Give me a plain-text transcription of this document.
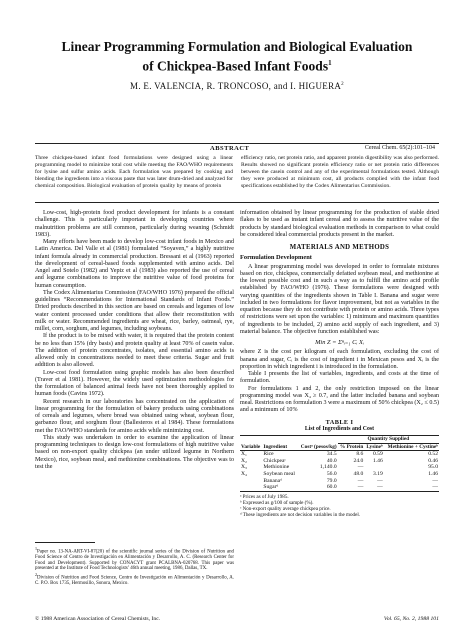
Linear Programming Formulation and Biological Evaluation
of Chickpea-Based Infant Foods$^1$
M. E. VALENCIA, R. TRONCOSO, and I. HIGUERA$^2$
ABSTRACT	Cereal Chem. 65(2):101–104
Three chickpea-based infant food formulations were designed using a linear programming model to minimize total cost while meeting the FAO/WHO requirements for lysine and sulfur amino acids. Each formulation was prepared by cooking and blending the ingredients into a viscous paste that was later drum-dried and analyzed for chemical composition. Biological evaluation of protein quality by means of protein
efficiency ratio, net protein ratio, and apparent protein digestibility was also performed. Results showed no significant protein efficiency ratio or net protein ratio differences between the casein control and any of the experimental formulations tested. Although they were produced at minimum cost, all products complied with the infant food specifications established by the Codex Alimentarius Commission.

Low-cost, high-protein food product development for infants is a constant challenge. This is particularly important in developing countries where malnutrition problems are still common, particularly during weaning (Schmidt 1983).

Many efforts have been made to develop low-cost infant foods in Mexico and Latin America. Del Valle et al (1981) formulated “Soyaven,” a highly nutritive infant formula already in commercial production. Bressani et al (1963) reported the development of cereal-based foods supplemented with amino acids. Del Angel and Sotelo (1982) and Yepiz et al (1983) also reported the use of cereal and legume combinations to improve the nutritive value of food proteins for human consumption.

The Codex Alimentarius Commission (FAO/WHO 1976) prepared the official guidelines “Recommendations for International Standards of Infant Foods.” Dried products described in this section are based on cereals and legumes of low water content processed under conditions that allow their reconstitution with milk or water. Recommended ingredients are wheat, rice, barley, oatmeal, rye, millet, corn, sorghum, and legumes, including soybeans.

If the product is to be mixed with water, it is required that the protein content be no less than 15% (dry basis) and protein quality at least 70% of casein value. The addition of protein concentrates, isolates, and essential amino acids is allowed only in concentrations needed to meet these criteria. Sugar and fruit addition is also allowed.

Low-cost food formulation using graphic models has also been described (Traver et al 1981). However, the widely used optimization methodologies for the formulation of balanced animal feeds have not been thoroughly applied to human foods (Cavins 1972).

Recent research in our laboratories has concentrated on the application of linear programming for the formulation of bakery products using combinations of cereals and legumes, where bread was obtained using wheat, soybean flour, garbanzo flour, and sorghum flour (Ballesteros et al 1984). These formulations met the FAO/WHO standards for amino acids while minimizing cost.

This study was undertaken in order to examine the application of linear programming techniques to design low-cost formulations of high nutritive value based on non-export quality chickpea (an under utilized legume in Northern Mexico), rice, soybean meal, and methionine combinations. The objective was to test the

$^1$Paper no. 13-NA-ART-VI-87(20) of the scientific journal series of the Division of Nutrition and Food Science of Centro de Investigación en Alimentación y Desarrollo, A. C. (Research Center for Food and Development). Supported by CONACYT grant PCALBNA-020768. This paper was presented at the Institute of Food Technologists’ 46th annual meeting, 1986, Dallas, TX.
$^2$Division of Nutrition and Food Science, Centro de Investigación en Alimentación y Desarrollo, A. C. P.O. Box 1735, Hermosillo, Sonora, Mexico.

information obtained by linear programming for the production of stable dried flakes to be used as instant infant cereal and to assess the nutritive value of the products by standard biological evaluation methods in comparison to what could be considered ideal commercial products present in the market.

MATERIALS AND METHODS
Formulation Development

A linear programming model was developed in order to formulate mixtures based on rice, chickpea, commercially defatted soybean meal, and methionine at the lowest possible cost and in such a way as to fulfill the amino acid profile established by FAO/WHO (1976). These formulations were designed with varying quantities of the ingredients shown in Table I. Banana and sugar were included in two formulations for flavor improvement, but not as variables in the equation because they do not contribute with protein or amino acids. Three types of restrictions were set upon the variables: 1) minimum and maximum quantities of ingredients to be included, 2) amino acid supply of each ingredient, and 3) material balance. The objective function established was:

Min Z = Σⁿᵢ₌₁ Cᵢ Xᵢ

where Z is the cost per kilogram of each formulation, excluding the cost of banana and sugar, Cᵢ is the cost of ingredient i in Mexican pesos and Xᵢ is the proportion in which ingredient i is introduced in the formulation.

Table I presents the list of variables, ingredients, and costs at the time of formulation.

For formulations 1 and 2, the only restriction imposed on the linear programming model was X₄ ≥ 0.7, and the latter included banana and soybean meal. Restrictions on formulation 3 were a maximum of 50% chickpea (X₂ ≤ 0.5) and a minimum of 10%

TABLE I
List of Ingredients and Cost
			Quantity Supplied		
Variable	Ingredient	Costᵃ (pesos/kg)	% Protein	Lysineᵇ	Methionine + Cystineᵇ
X₁	Rice	34.5	8.6	0.59	0.52
X₂	Chickpeaᶜ	40.0	24.0	1.46	0.46
X₃	Methionine	1,140.0	—		95.0
X₄	Soybean meal	56.0	48.0	3.19	1.46
	Bananaᵈ	79.0	—	—	—
	Sugarᵈ	60.0	—	—	—
ᵃ Prices as of July 1985.
ᵇ Expressed as g/100 of sample (%).
ᶜ Non-export quality average chickpea price.
ᵈ These ingredients are not decision variables in the model.
© 1988 American Association of Cereal Chemists, Inc.	Vol. 65, No. 2, 1988 101
